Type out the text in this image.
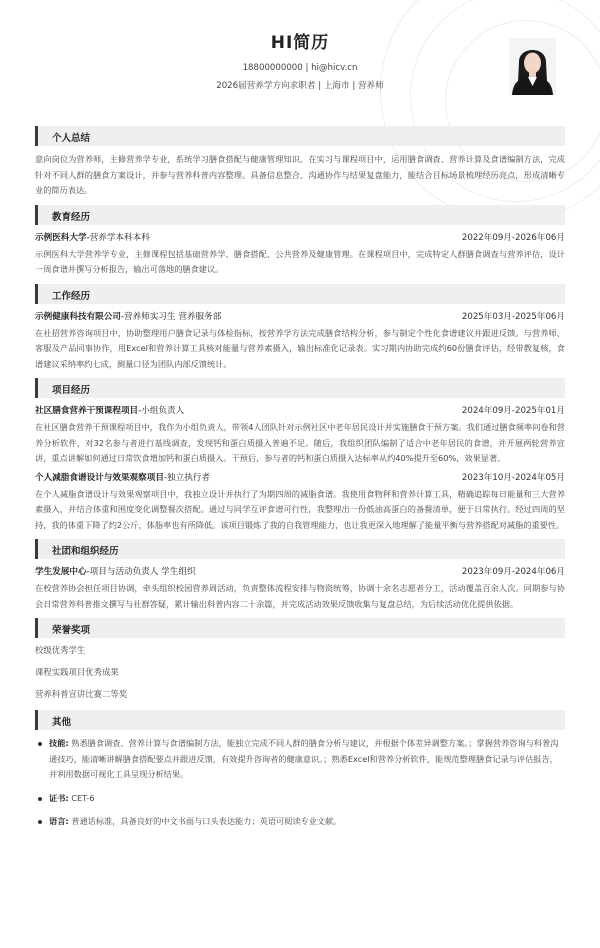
HI简历
18800000000 | hi@hicv.cn
2026届营养学方向求职者 | 上海市 | 营养师
个人总结

意向岗位为营养师，主修营养学专业，系统学习膳食搭配与健康管理知识。在实习与课程项目中，运用膳食调查、营养计算及食谱编制方法，完成针对不同人群的膳食方案设计，并参与营养科普内容整理。具备信息整合、沟通协作与结果复盘能力，能结合目标场景梳理经历亮点，形成清晰专业的简历表达。

教育经历
示例医科大学-营养学本科本科	2022年09月-2026年06月

示例医科大学营养学专业，主修课程包括基础营养学、膳食搭配、公共营养及健康管理。在课程项目中，完成特定人群膳食调查与营养评估，设计一周食谱并撰写分析报告，输出可落地的膳食建议。

工作经历
示例健康科技有限公司-营养师实习生 营养服务部	2025年03月-2025年06月

在社招营养咨询项目中，协助整理用户膳食记录与体检指标，按营养学方法完成膳食结构分析，参与制定个性化食谱建议并跟进反馈。与营养师、客服及产品同事协作，用Excel和营养计算工具核对能量与营养素摄入，输出标准化记录表。实习期内协助完成约60份膳食评估，经带教复核，食谱建议采纳率约七成，测量口径为团队内部反馈统计。

项目经历
社区膳食营养干预课程项目-小组负责人	2024年09月-2025年01月

在社区膳食营养干预课程项目中，我作为小组负责人，带领4人团队针对示例社区中老年居民设计并实施膳食干预方案。我们通过膳食频率问卷和营养分析软件，对32名参与者进行基线调查，发现钙和蛋白质摄入普遍不足。随后，我组织团队编制了适合中老年居民的食谱，并开展两轮营养宣讲，重点讲解如何通过日常饮食增加钙和蛋白质摄入。干预后，参与者的钙和蛋白质摄入达标率从约40%提升至60%，效果显著。

个人减脂食谱设计与效果观察项目-独立执行者	2023年10月-2024年05月

在个人减脂食谱设计与效果观察项目中，我独立设计并执行了为期四周的减脂食谱。我使用食物秤和营养计算工具，精确追踪每日能量和三大营养素摄入，并结合体重和围度变化调整餐次搭配。通过与同学互评食谱可行性，我整理出一份低油高蛋白的备餐清单，便于日常执行。经过四周的坚持，我的体重下降了约2公斤，体脂率也有所降低。该项目锻炼了我的自我管理能力，也让我更深入地理解了能量平衡与营养搭配对减脂的重要性。

社团和组织经历
学生发展中心-项目与活动负责人 学生组织	2023年09月-2024年06月

在校营养协会担任项目协调，牵头组织校园营养周活动，负责整体流程安排与物资统筹，协调十余名志愿者分工，活动覆盖百余人次。同期参与协会日常营养科普推文撰写与社群答疑，累计输出科普内容二十余篇，并完成活动效果反馈收集与复盘总结，为后续活动优化提供依据。

荣誉奖项
校级优秀学生
课程实践项目优秀成果
营养科普宣讲比赛二等奖
其他
技能: 熟悉膳食调查、营养计算与食谱编制方法，能独立完成不同人群的膳食分析与建议，并根据个体差异调整方案。；掌握营养咨询与科普沟通技巧，能清晰讲解膳食搭配要点并跟进反馈，有效提升咨询者的健康意识。；熟悉Excel和营养分析软件，能规范整理膳食记录与评估报告，并利用数据可视化工具呈现分析结果。
证书: CET-6
语言: 普通话标准，具备良好的中文书面与口头表达能力；英语可阅读专业文献。
